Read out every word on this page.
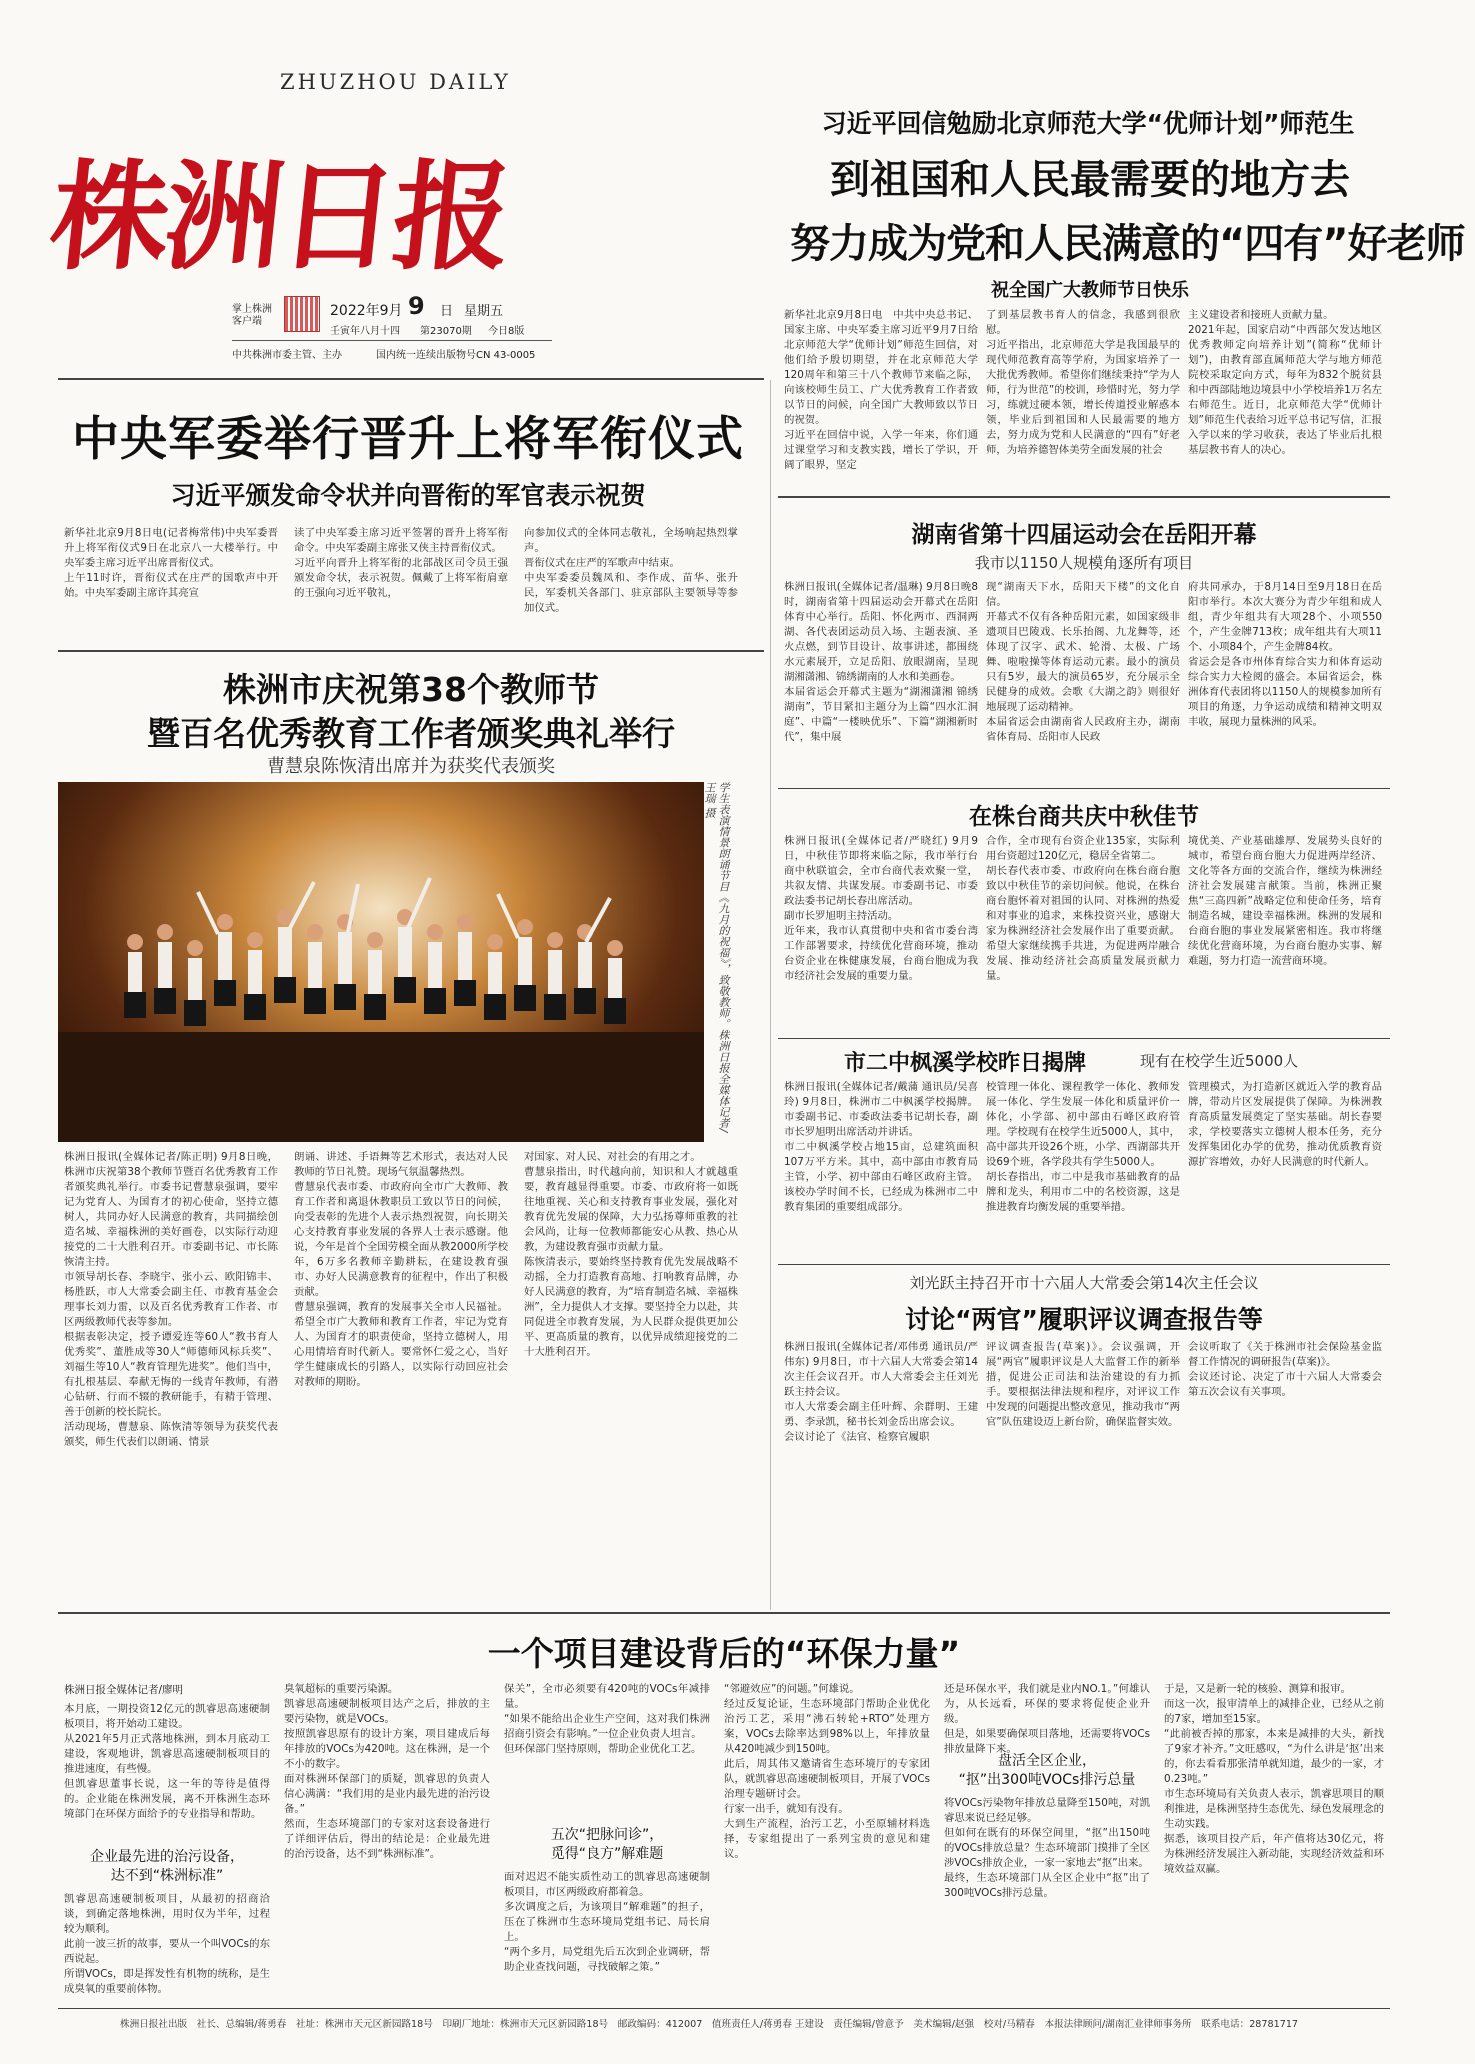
ZHUZHOU DAILY
株洲日报
掌上株洲
客户端
2022年9月 9 日 星期五
壬寅年八月十四 第23070期 今日8版
中共株洲市委主管、主办	国内统一连续出版物号CN 43-0005
习近平回信勉励北京师范大学“优师计划”师范生
到祖国和人民最需要的地方去
努力成为党和人民满意的“四有”好老师
祝全国广大教师节日快乐
新华社北京9月8日电　中共中央总书记、国家主席、中央军委主席习近平9月7日给北京师范大学“优师计划”师范生回信，对他们给予殷切期望，并在北京师范大学120周年和第三十八个教师节来临之际，向该校师生员工、广大优秀教育工作者致以节日的问候，向全国广大教师致以节日的祝贺。
习近平在回信中说，入学一年来，你们通过课堂学习和支教实践，增长了学识，开阔了眼界，坚定
了到基层教书育人的信念，我感到很欣慰。
习近平指出，北京师范大学是我国最早的现代师范教育高等学府，为国家培养了一大批优秀教师。希望你们继续秉持“学为人师，行为世范”的校训，珍惜时光，努力学习，练就过硬本领，增长传道授业解惑本领，毕业后到祖国和人民最需要的地方去，努力成为党和人民满意的“四有”好老师，为培养德智体美劳全面发展的社会
主义建设者和接班人贡献力量。
2021年起，国家启动“中西部欠发达地区优秀教师定向培养计划”(简称“优师计划”)，由教育部直属师范大学与地方师范院校采取定向方式，每年为832个脱贫县和中西部陆地边境县中小学校培养1万名左右师范生。近日，北京师范大学“优师计划”师范生代表给习近平总书记写信，汇报入学以来的学习收获，表达了毕业后扎根基层教书育人的决心。
中央军委举行晋升上将军衔仪式
习近平颁发命令状并向晋衔的军官表示祝贺
新华社北京9月8日电(记者梅常伟)中央军委晋升上将军衔仪式9日在北京八一大楼举行。中央军委主席习近平出席晋衔仪式。
上午11时许，晋衔仪式在庄严的国歌声中开始。中央军委副主席许其亮宣
读了中央军委主席习近平签署的晋升上将军衔命令。中央军委副主席张又侠主持晋衔仪式。
习近平向晋升上将军衔的北部战区司令员王强颁发命令状，表示祝贺。佩戴了上将军衔肩章的王强向习近平敬礼，
向参加仪式的全体同志敬礼，全场响起热烈掌声。
晋衔仪式在庄严的军歌声中结束。
中央军委委员魏凤和、李作成、苗华、张升民，军委机关各部门、驻京部队主要领导等参加仪式。
株洲市庆祝第38个教师节
暨百名优秀教育工作者颁奖典礼举行
曹慧泉陈恢清出席并为获奖代表颁奖
学生表演情景朗诵节目《九月的祝福》，致敬教师。株洲日报全媒体记者/王瑞 摄
株洲日报讯(全媒体记者/陈正明) 9月8日晚，株洲市庆祝第38个教师节暨百名优秀教育工作者颁奖典礼举行。市委书记曹慧泉强调，要牢记为党育人、为国育才的初心使命，坚持立德树人，共同办好人民满意的教育，共同描绘创造名城、幸福株洲的美好画卷，以实际行动迎接党的二十大胜利召开。市委副书记、市长陈恢清主持。
市领导胡长春、李晓宇、张小云、欧阳锦丰、杨胜跃，市人大常委会副主任、市教育基金会理事长刘力雷，以及百名优秀教育工作者、市区两级教师代表等参加。
根据表彰决定，授予谭爱连等60人“教书育人优秀奖”、董胜成等30人“师德师风标兵奖”、刘福生等10人“教育管理先进奖”。他们当中，有扎根基层、奉献无悔的一线青年教师，有潜心钻研、行而不辍的教研能手，有精于管理、善于创新的校长院长。
活动现场，曹慧泉、陈恢清等领导为获奖代表颁奖，师生代表们以朗诵、情景
朗诵、讲述、手语舞等艺术形式，表达对人民教师的节日礼赞。现场气氛温馨热烈。
曹慧泉代表市委、市政府向全市广大教师、教育工作者和离退休教职员工致以节日的问候，向受表彰的先进个人表示热烈祝贺，向长期关心支持教育事业发展的各界人士表示感谢。他说，今年是首个全国劳模全面从教2000所学校年，6万多名教师辛勤耕耘，在建设教育强市、办好人民满意教育的征程中，作出了积极贡献。
曹慧泉强调，教育的发展事关全市人民福祉。希望全市广大教师和教育工作者，牢记为党育人、为国育才的职责使命，坚持立德树人，用心用情培育时代新人。要常怀仁爱之心，当好学生健康成长的引路人，以实际行动回应社会对教师的期盼。
对国家、对人民、对社会的有用之才。
曹慧泉指出，时代越向前，知识和人才就越重要，教育越显得重要。市委、市政府将一如既往地重视、关心和支持教育事业发展，强化对教育优先发展的保障，大力弘扬尊师重教的社会风尚，让每一位教师都能安心从教、热心从教，为建设教育强市贡献力量。
陈恢清表示，要始终坚持教育优先发展战略不动摇，全力打造教育高地、打响教育品牌，办好人民满意的教育，为“培育制造名城、幸福株洲”，全力提供人才支撑。要坚持全力以赴，共同促进全市教育发展，为人民群众提供更加公平、更高质量的教育，以优异成绩迎接党的二十大胜利召开。
湖南省第十四届运动会在岳阳开幕
我市以1150人规模角逐所有项目
株洲日报讯(全媒体记者/温琳) 9月8日晚8时，湖南省第十四届运动会开幕式在岳阳体育中心举行。岳阳、怀化两市、西洞两湖、各代表团运动员入场、主题表演、圣火点燃，到节目设计、故事讲述，都围绕水元素展开，立足岳阳、放眼湖南，呈现湖湘潇湘、锦绣湖南的人水和美画卷。
本届省运会开幕式主题为“湖湘潇湘 锦绣湖南”，节目紧扣主题分为上篇“四水汇洞庭”、中篇“一楼映优乐”、下篇“湖湘新时代”，集中展
现“湖南天下水，岳阳天下楼”的文化自信。
开幕式不仅有各种岳阳元素，如国家级非遗项目巴陵戏、长乐抬阁、九龙舞等，还体现了汉字、武术、轮滑、太极、广场舞、啦啦操等体育运动元素。最小的演员只有5岁，最大的演员65岁，充分展示全民健身的成效。会歌《大湖之韵》则很好地展现了运动精神。
本届省运会由湖南省人民政府主办，湖南省体育局、岳阳市人民政
府共同承办，于8月14日至9月18日在岳阳市举行。本次大赛分为青少年组和成人组，青少年组共有大项28个、小项550个，产生金牌713枚；成年组共有大项11个、小项84个，产生金牌84枚。
省运会是各市州体育综合实力和体育运动综合实力大检阅的盛会。本届省运会，株洲体育代表团将以1150人的规模参加所有项目的角逐，力争运动成绩和精神文明双丰收，展现力量株洲的风采。
在株台商共庆中秋佳节
株洲日报讯(全媒体记者/严晓红) 9月9日，中秋佳节即将来临之际，我市举行台商中秋联谊会，全市台商代表欢聚一堂，共叙友情、共谋发展。市委副书记、市委政法委书记胡长春出席活动。
副市长罗旭明主持活动。
近年来，我市认真贯彻中央和省市委台湾工作部署要求，持续优化营商环境，推动台资企业在株健康发展，台商台胞成为我市经济社会发展的重要力量。
合作，全市现有台资企业135家，实际利用台资超过120亿元，稳居全省第二。
胡长春代表市委、市政府向在株台商台胞致以中秋佳节的亲切问候。他说，在株台商台胞怀着对祖国的认同、对株洲的热爱和对事业的追求，来株投资兴业，感谢大家为株洲经济社会发展作出了重要贡献。希望大家继续携手共进，为促进两岸融合发展、推动经济社会高质量发展贡献力量。
境优美、产业基础雄厚、发展势头良好的城市，希望台商台胞大力促进两岸经济、文化等各方面的交流合作，继续为株洲经济社会发展建言献策。当前，株洲正聚焦“三高四新”战略定位和使命任务，培育制造名城，建设幸福株洲。株洲的发展和台商台胞的事业发展紧密相连。我市将继续优化营商环境，为台商台胞办实事、解难题，努力打造一流营商环境。
市二中枫溪学校昨日揭牌	现有在校学生近5000人
株洲日报讯(全媒体记者/戴蒲 通讯员/吴喜玲) 9月8日，株洲市二中枫溪学校揭牌。市委副书记、市委政法委书记胡长春，副市长罗旭明出席活动并讲话。
市二中枫溪学校占地15亩，总建筑面积107万平方米。其中，高中部由市教育局主管，小学、初中部由石峰区政府主管。该校办学时间不长，已经成为株洲市二中教育集团的重要组成部分。
校管理一体化、课程教学一体化、教师发展一体化、学生发展一体化和质量评价一体化，小学部、初中部由石峰区政府管理。学校现有在校学生近5000人，其中，高中部共开设26个班，小学、西湖部共开设69个班，各学段共有学生5000人。
胡长春指出，市二中是我市基础教育的品牌和龙头，利用市二中的名校资源，这是推进教育均衡发展的重要举措。
管理模式，为打造新区就近入学的教育品牌，带动片区发展提供了保障。为株洲教育高质量发展奠定了坚实基础。胡长春要求，学校要落实立德树人根本任务，充分发挥集团化办学的优势，推动优质教育资源扩容增效，办好人民满意的时代新人。
刘光跃主持召开市十六届人大常委会第14次主任会议
讨论“两官”履职评议调查报告等
株洲日报讯(全媒体记者/邓伟勇 通讯员/严伟东) 9月8日，市十六届人大常委会第14次主任会议召开。市人大常委会主任刘光跃主持会议。
市人大常委会副主任叶辉、余群明、王建勇、李录凯，秘书长刘金岳出席会议。
会议讨论了《法官、检察官履职
评议调查报告(草案)》。会议强调，开展“两官”履职评议是人大监督工作的新举措，促进公正司法和法治建设的有力抓手。要根据法律法规和程序，对评议工作中发现的问题提出整改意见，推动我市“两官”队伍建设迈上新台阶，确保监督实效。
会议听取了《关于株洲市社会保险基金监督工作情况的调研报告(草案)》。
会议还讨论、决定了市十六届人大常委会第五次会议有关事项。
一个项目建设背后的“环保力量”
株洲日报全媒体记者/廖明
本月底，一期投资12亿元的凯睿思高速硬制板项目，将开始动工建设。
从2021年5月正式落地株洲，到本月底动工建设，客观地讲，凯睿思高速硬制板项目的推进速度，有些慢。
但凯睿思董事长说，这一年的等待是值得的。企业能在株洲发展，离不开株洲生态环境部门在环保方面给予的专业指导和帮助。
企业最先进的治污设备，
达不到“株洲标准”
凯睿思高速硬制板项目，从最初的招商洽谈，到确定落地株洲，用时仅为半年，过程较为顺利。
此前一波三折的故事，要从一个叫VOCs的东西说起。
所谓VOCs，即是挥发性有机物的统称，是生成臭氧的重要前体物。
臭氧超标的重要污染源。
凯睿思高速硬制板项目达产之后，排放的主要污染物，就是VOCs。
按照凯睿思原有的设计方案，项目建成后每年排放的VOCs为420吨。这在株洲，是一个不小的数字。
面对株洲环保部门的质疑，凯睿思的负责人信心满满：“我们用的是业内最先进的治污设备。”
然而，生态环境部门的专家对这套设备进行了详细评估后，得出的结论是：企业最先进的治污设备，达不到“株洲标准”。
保关”，全市必须要有420吨的VOCs年减排量。
“如果不能给出企业生产空间，这对我们株洲招商引资会有影响。”一位企业负责人坦言。
但环保部门坚持原则，帮助企业优化工艺。
五次“把脉问诊”，
觅得“良方”解难题
面对迟迟不能实质性动工的凯睿思高速硬制板项目，市区两级政府都着急。
多次调度之后，为该项目“解难题”的担子，压在了株洲市生态环境局党组书记、局长肩上。
“两个多月，局党组先后五次到企业调研，帮助企业查找问题，寻找破解之策。”
“邻避效应”的问题。”何雄说。
经过反复论证，生态环境部门帮助企业优化治污工艺，采用“沸石转轮+RTO”处理方案，VOCs去除率达到98%以上，年排放量从420吨减少到150吨。
此后，周其伟又邀请省生态环境厅的专家团队，就凯睿思高速硬制板项目，开展了VOCs治理专题研讨会。
行家一出手，就知有没有。
大到生产流程，治污工艺，小至原辅材料选择，专家组提出了一系列宝贵的意见和建议。
还是环保水平，我们就是业内NO.1。”何雄认为，从长远看，环保的要求将促使企业升级。
但是，如果要确保项目落地，还需要将VOCs排放量降下来。
盘活全区企业，
“抠”出300吨VOCs排污总量
将VOCs污染物年排放总量降至150吨，对凯睿思来说已经足够。
但如何在既有的环保空间里，“抠”出150吨的VOCs排放总量？生态环境部门摸排了全区涉VOCs排放企业，一家一家地去“抠”出来。
最终，生态环境部门从全区企业中“抠”出了300吨VOCs排污总量。
于是，又是新一轮的核验、测算和报审。
而这一次，报审清单上的减排企业，已经从之前的7家，增加至15家。
“此前被否掉的那家，本来是减排的大头，新找了9家才补齐。”文旺感叹，“为什么讲是‘抠’出来的，你去看看那张清单就知道，最少的一家，才0.23吨。”
市生态环境局有关负责人表示，凯睿思项目的顺利推进，是株洲坚持生态优先、绿色发展理念的生动实践。
据悉，该项目投产后，年产值将达30亿元，将为株洲经济发展注入新动能，实现经济效益和环境效益双赢。
株洲日报社出版　社长、总编辑/蒋勇春　社址：株洲市天元区新园路18号　印刷厂地址：株洲市天元区新园路18号　邮政编码：412007　值班责任人/蒋勇春 王建设　责任编辑/曾意予　美术编辑/赵强　校对/马精春　本报法律顾问/湖南汇业律师事务所　联系电话：28781717
